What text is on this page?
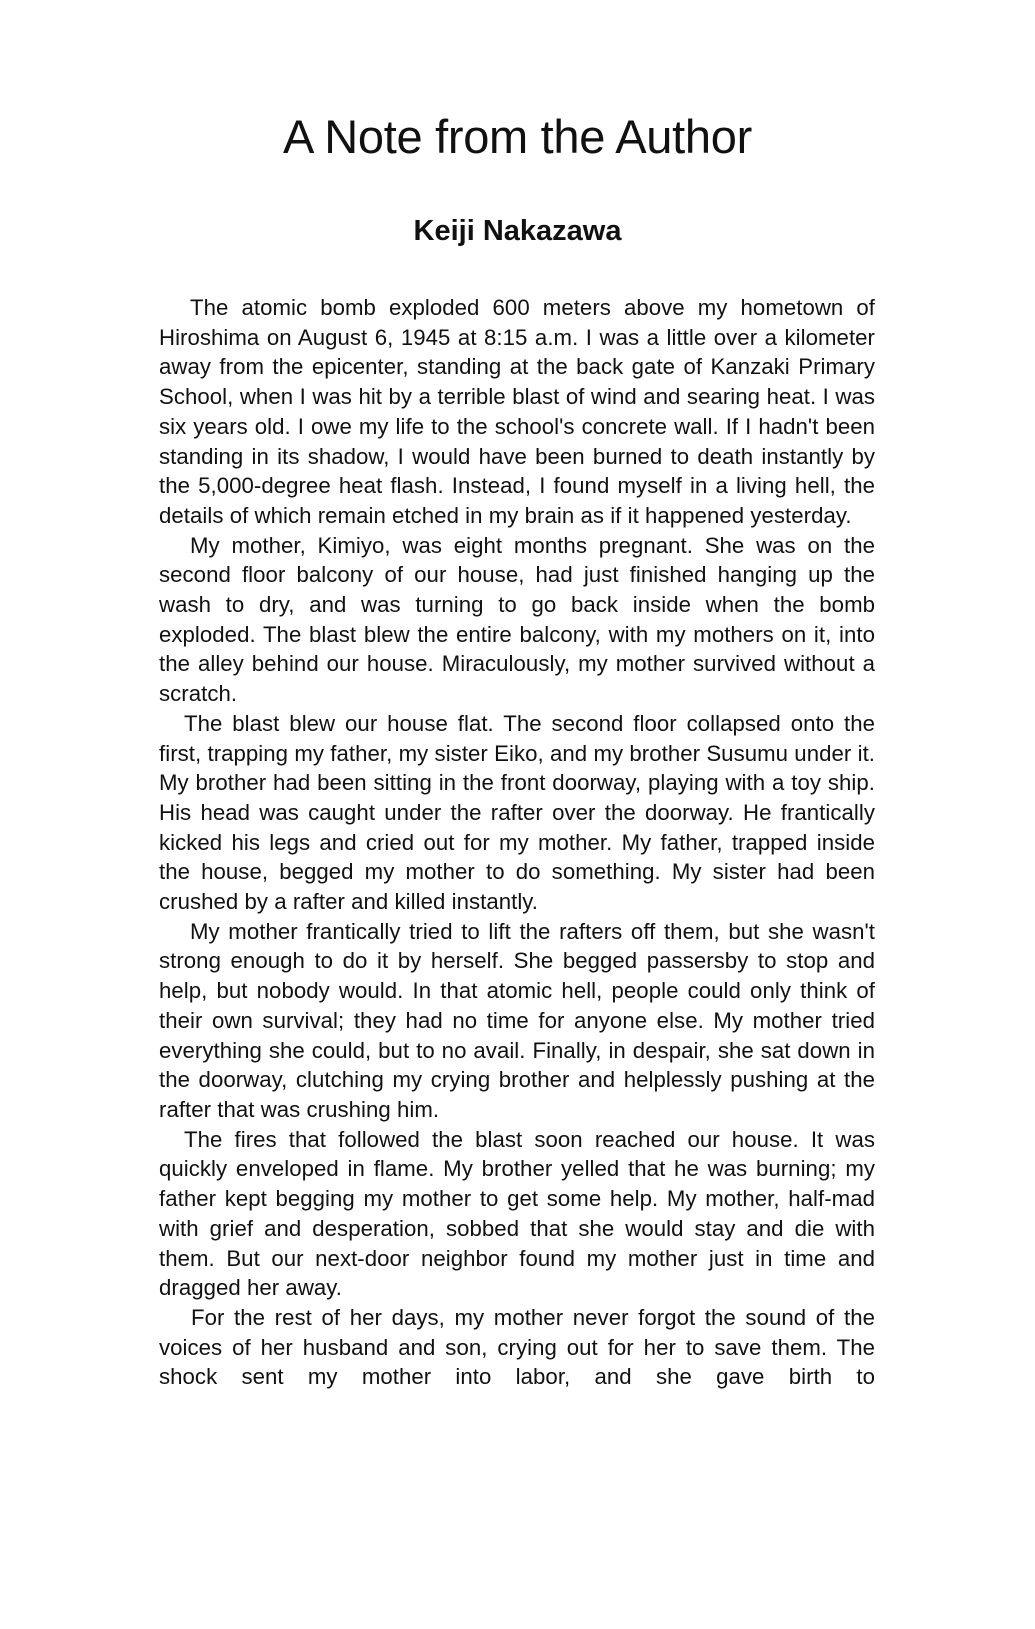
A Note from the Author
Keiji Nakazawa

The atomic bomb exploded 600 meters above my hometown of Hiroshima on August 6, 1945 at 8:15 a.m. I was a little over a kilometer away from the epicenter, standing at the back gate of Kanzaki Primary School, when I was hit by a terrible blast of wind and searing heat. I was six years old. I owe my life to the school's concrete wall. If I hadn't been standing in its shadow, I would have been burned to death instantly by the 5,000-degree heat flash. Instead, I found myself in a living hell, the details of which remain etched in my brain as if it happened yesterday.

My mother, Kimiyo, was eight months pregnant. She was on the second floor balcony of our house, had just finished hanging up the wash to dry, and was turning to go back inside when the bomb exploded. The blast blew the entire balcony, with my mothers on it, into the alley behind our house. Miraculously, my mother survived without a scratch.

The blast blew our house flat. The second floor collapsed onto the first, trapping my father, my sister Eiko, and my brother Susumu under it. My brother had been sitting in the front doorway, playing with a toy ship. His head was caught under the rafter over the doorway. He frantically kicked his legs and cried out for my mother. My father, trapped inside the house, begged my mother to do something. My sister had been crushed by a rafter and killed instantly.

My mother frantically tried to lift the rafters off them, but she wasn't strong enough to do it by herself. She begged passersby to stop and help, but nobody would. In that atomic hell, people could only think of their own survival; they had no time for anyone else. My mother tried everything she could, but to no avail. Finally, in despair, she sat down in the doorway, clutching my crying brother and helplessly pushing at the rafter that was crushing him.

The fires that followed the blast soon reached our house. It was quickly enveloped in flame. My brother yelled that he was burning; my father kept begging my mother to get some help. My mother, half-mad with grief and desperation, sobbed that she would stay and die with them. But our next-door neighbor found my mother just in time and dragged her away.

For the rest of her days, my mother never forgot the sound of the voices of her husband and son, crying out for her to save them. The shock sent my mother into labor, and she gave birth to
